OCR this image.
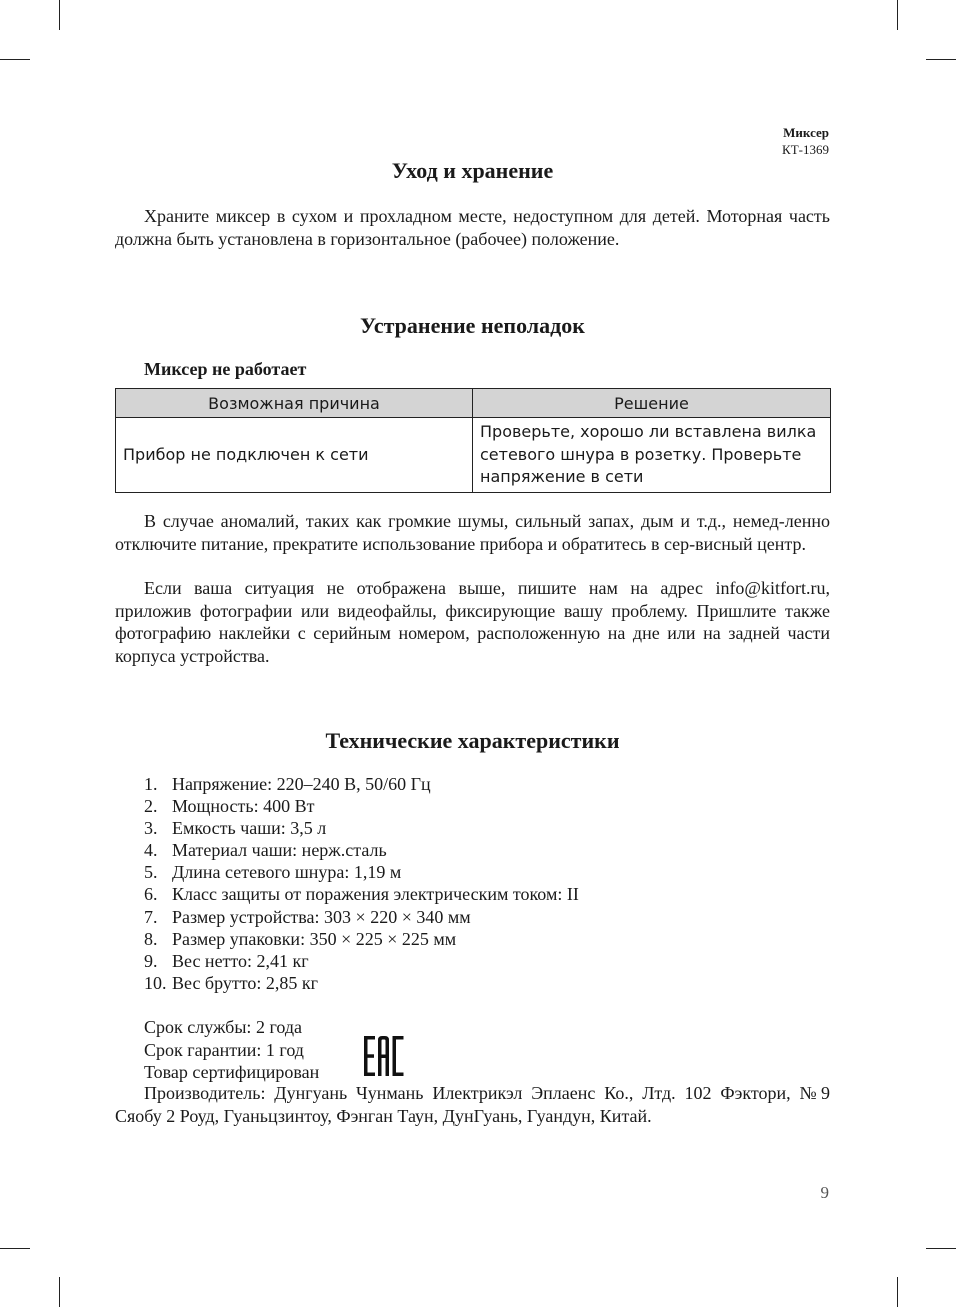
Миксер
КТ-1369
Уход и хранение

Храните миксер в сухом и прохладном месте, недоступном для детей. Моторная часть должна быть установлена в горизонтальное (рабочее) положение.

Устранение неполадок

Миксер не работает

Возможная причина	Решение
Прибор не подключен к сети	Проверьте, хорошо ли вставлена вилка сетевого шнура в розетку. Проверьте напряжение в сети

В случае аномалий, таких как громкие шумы, сильный запах, дым и т.д., немед-ленно отключите питание, прекратите использование прибора и обратитесь в сер-висный центр.

Если ваша ситуация не отображена выше, пишите нам на адрес info@kitfort.ru, приложив фотографии или видеофайлы, фиксирующие вашу проблему. Пришлите также фотографию наклейки с серийным номером, расположенную на дне или на задней части корпуса устройства.

Технические характеристики
1. Напряжение: 220–240 В, 50/60 Гц
2. Мощность: 400 Вт
3. Емкость чаши: 3,5 л
4. Материал чаши: нерж.сталь
5. Длина сетевого шнура: 1,19 м
6. Класс защиты от поражения электрическим током: II
7. Размер устройства: 303 × 220 × 340 мм
8. Размер упаковки: 350 × 225 × 225 мм
9. Вес нетто: 2,41 кг
10. Вес брутто: 2,85 кг
Срок службы: 2 года
Срок гарантии: 1 год
Товар сертифицирован

Производитель: Дунгуань Чунмань Илектрикэл Эплаенс Ко., Лтд. 102 Фэктори, №9 Сяобу 2 Роуд, Гуаньцзинтоу, Фэнган Таун, ДунГуань, Гуандун, Китай.

9
